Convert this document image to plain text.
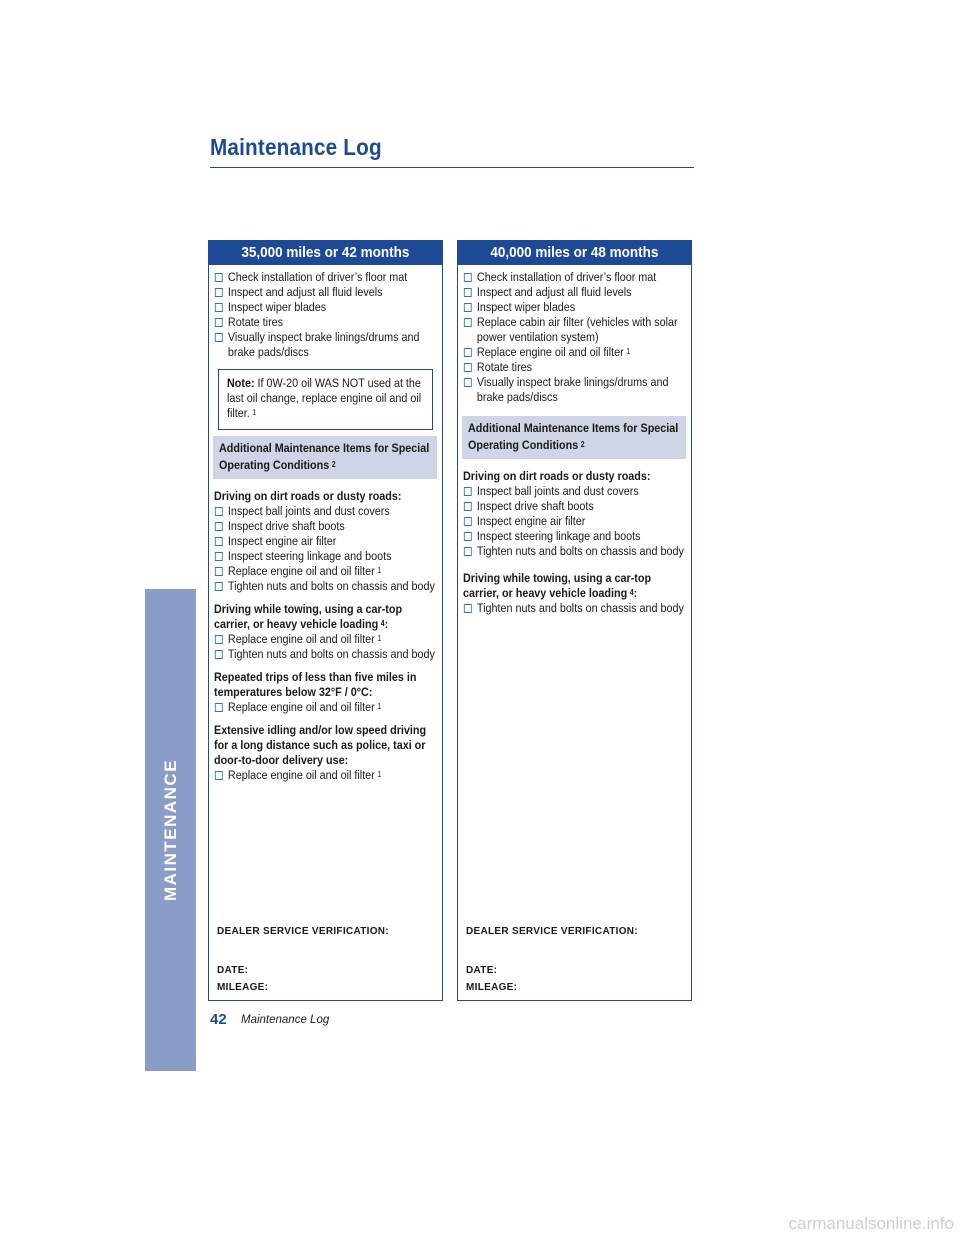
Maintenance Log
MAINTENANCE
35,000 miles or 42 months
Check installation of driver’s floor mat
Inspect and adjust all fluid levels
Inspect wiper blades
Rotate tires
Visually inspect brake linings/drums and brake pads/discs
Note: If 0W-20 oil WAS NOT used at the last oil change, replace engine oil and oil filter. $^1$
Additional Maintenance Items for Special Operating Conditions $^2$
Driving on dirt roads or dusty roads:
Inspect ball joints and dust covers
Inspect drive shaft boots
Inspect engine air filter
Inspect steering linkage and boots
Replace engine oil and oil filter $^1$
Tighten nuts and bolts on chassis and body
Driving while towing, using a car-top carrier, or heavy vehicle loading $^4$:
Replace engine oil and oil filter $^1$
Tighten nuts and bolts on chassis and body
Repeated trips of less than five miles in temperatures below 32°F / 0°C:
Replace engine oil and oil filter $^1$
Extensive idling and/or low speed driving for a long distance such as police, taxi or door-to-door delivery use:
Replace engine oil and oil filter $^1$
DEALER SERVICE VERIFICATION:
DATE:
MILEAGE:
40,000 miles or 48 months
Check installation of driver’s floor mat
Inspect and adjust all fluid levels
Inspect wiper blades
Replace cabin air filter (vehicles with solar power ventilation system)
Replace engine oil and oil filter $^1$
Rotate tires
Visually inspect brake linings/drums and brake pads/discs
Additional Maintenance Items for Special Operating Conditions $^2$
Driving on dirt roads or dusty roads:
Inspect ball joints and dust covers
Inspect drive shaft boots
Inspect engine air filter
Inspect steering linkage and boots
Tighten nuts and bolts on chassis and body
Driving while towing, using a car-top carrier, or heavy vehicle loading $^4$:
Tighten nuts and bolts on chassis and body
DEALER SERVICE VERIFICATION:
DATE:
MILEAGE:
42 Maintenance Log
carmanualsonline.info
